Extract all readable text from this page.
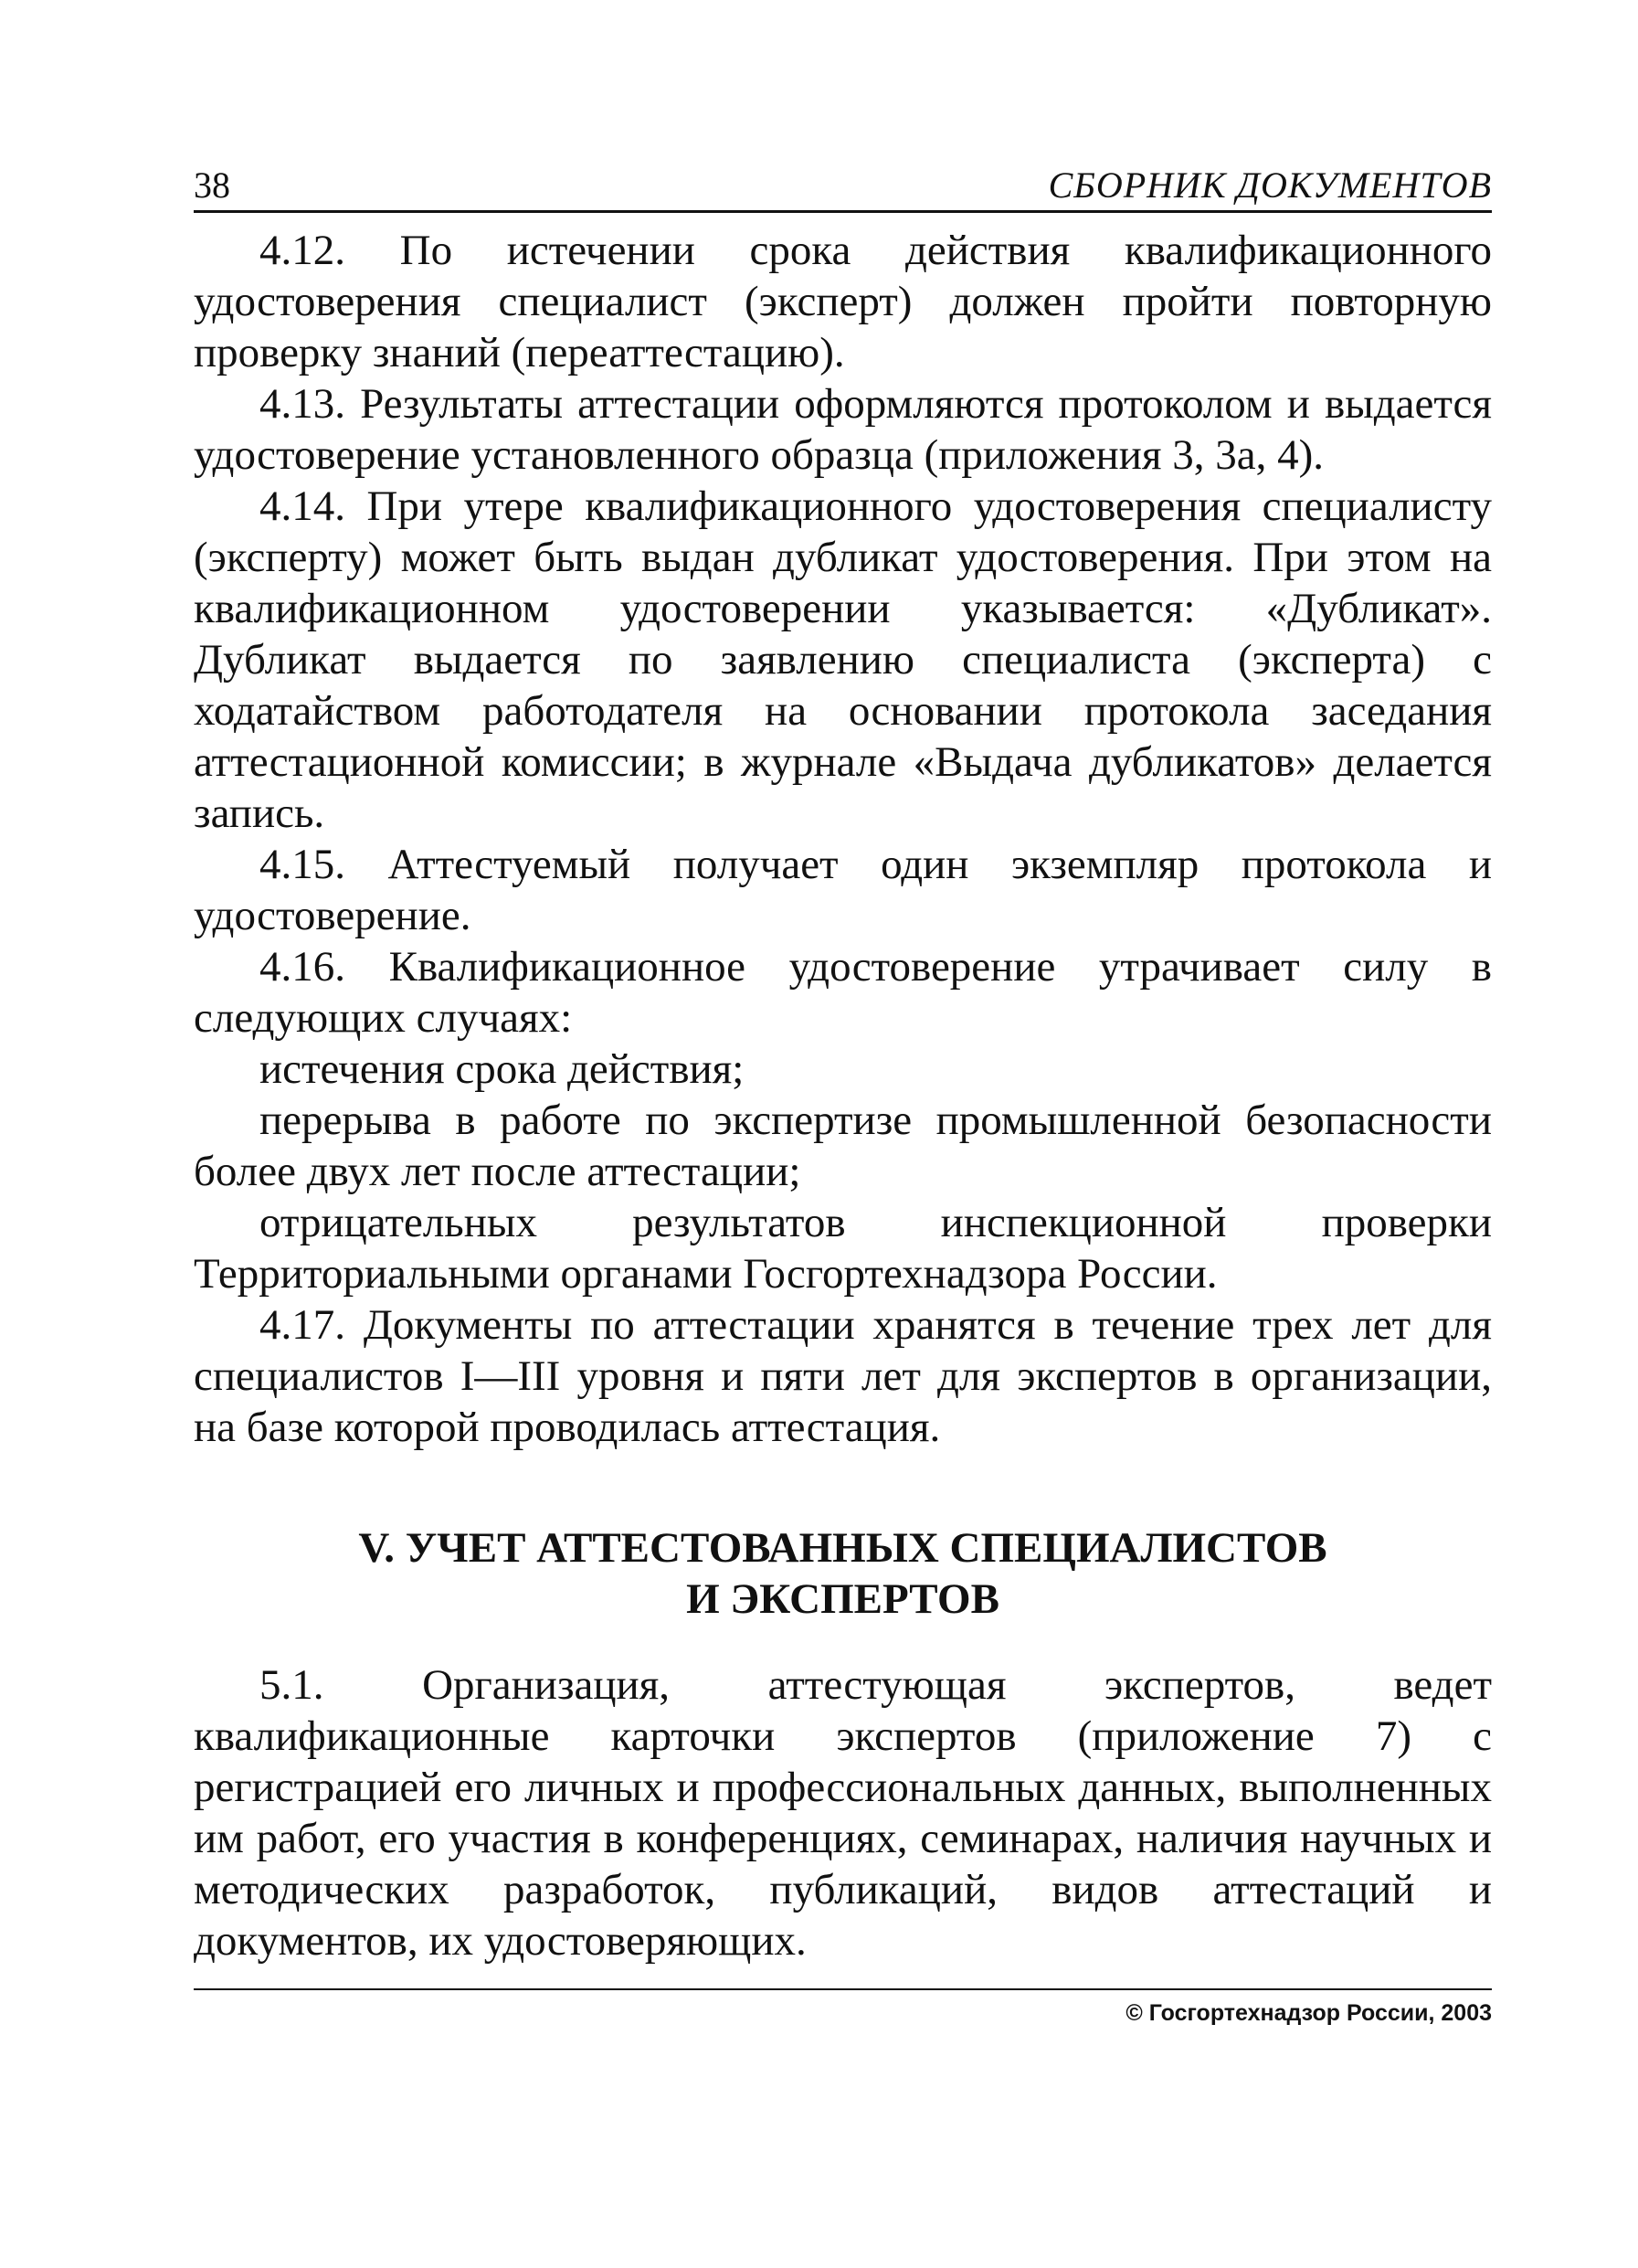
38	СБОРНИК ДОКУМЕНТОВ

4.12. По истечении срока действия квалификационного удостоверения специалист (эксперт) должен пройти повторную проверку знаний (переаттестацию).

4.13. Результаты аттестации оформляются протоколом и выдается удостоверение установленного образца (приложения 3, 3а, 4).

4.14. При утере квалификационного удостоверения специалисту (эксперту) может быть выдан дубликат удостоверения. При этом на квалификационном удостоверении указывается: «Дубликат». Дубликат выдается по заявлению специалиста (эксперта) с ходатайством работодателя на основании протокола заседания аттестационной комиссии; в журнале «Выдача дубликатов» делается запись.

4.15. Аттестуемый получает один экземпляр протокола и удостоверение.

4.16. Квалификационное удостоверение утрачивает силу в следующих случаях:

истечения срока действия;

перерыва в работе по экспертизе промышленной безопасности более двух лет после аттестации;

отрицательных результатов инспекционной проверки Территориальными органами Госгортехнадзора России.

4.17. Документы по аттестации хранятся в течение трех лет для специалистов I—III уровня и пяти лет для экспертов в организации, на базе которой проводилась аттестация.

V. УЧЕТ АТТЕСТОВАННЫХ СПЕЦИАЛИСТОВ
И ЭКСПЕРТОВ

5.1. Организация, аттестующая экспертов, ведет квалификационные карточки экспертов (приложение 7) с регистрацией его личных и профессиональных данных, выполненных им работ, его участия в конференциях, семинарах, наличия научных и методических разработок, публикаций, видов аттестаций и документов, их удостоверяющих.

© Госгортехнадзор России, 2003
